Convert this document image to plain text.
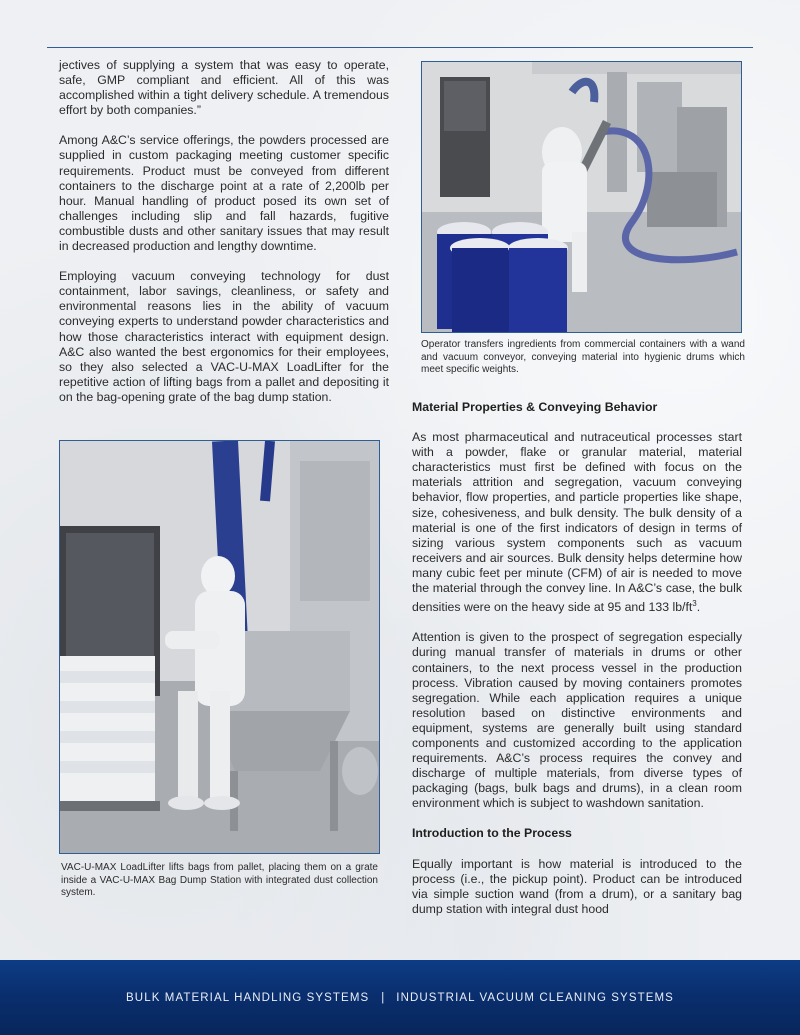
jectives of supplying a system that was easy to operate, safe, GMP compliant and efficient. All of this was accomplished within a tight delivery schedule. A tremendous effort by both companies.”

Among A&C’s service offerings, the powders processed are supplied in custom packaging meeting customer specific requirements. Product must be conveyed from different containers to the discharge point at a rate of 2,200lb per hour. Manual handling of product posed its own set of challenges including slip and fall hazards, fugitive combustible dusts and other sanitary issues that may result in decreased production and lengthy downtime.

Employing vacuum conveying technology for dust containment, labor savings, cleanliness, or safety and environmental reasons lies in the ability of vacuum conveying experts to understand powder characteristics and how those characteristics interact with equipment design. A&C also wanted the best ergonomics for their employees, so they also selected a VAC-U-MAX LoadLifter for the repetitive action of lifting bags from a pallet and depositing it on the bag-opening grate of the bag dump station.

Operator transfers ingredients from commercial containers with a wand and vacuum conveyor, conveying material into hygienic drums which meet specific weights.
VAC-U-MAX LoadLifter lifts bags from pallet, placing them on a grate inside a VAC-U-MAX Bag Dump Station with integrated dust collection system.
Material Properties & Conveying Behavior

As most pharmaceutical and nutraceutical processes start with a powder, flake or granular material, material characteristics must first be defined with focus on the materials attrition and segregation, vacuum conveying behavior, flow properties, and particle properties like shape, size, cohesiveness, and bulk density. The bulk density of a material is one of the first indicators of design in terms of sizing various system components such as vacuum receivers and air sources. Bulk density helps determine how many cubic feet per minute (CFM) of air is needed to move the material through the convey line. In A&C’s case, the bulk densities were on the heavy side at 95 and 133 $lb/ft^3$.

Attention is given to the prospect of segregation especially during manual transfer of materials in drums or other containers, to the next process vessel in the production process. Vibration caused by moving containers promotes segregation. While each application requires a unique resolution based on distinctive environments and equipment, systems are generally built using standard components and customized according to the application requirements. A&C’s process requires the convey and discharge of multiple materials, from diverse types of packaging (bags, bulk bags and drums), in a clean room environment which is subject to washdown sanitation.

Introduction to the Process

Equally important is how material is introduced to the process (i.e., the pickup point). Product can be introduced via simple suction wand (from a drum), or a sanitary bag dump station with integral dust hood

BULK MATERIAL HANDLING SYSTEMS | INDUSTRIAL VACUUM CLEANING SYSTEMS
